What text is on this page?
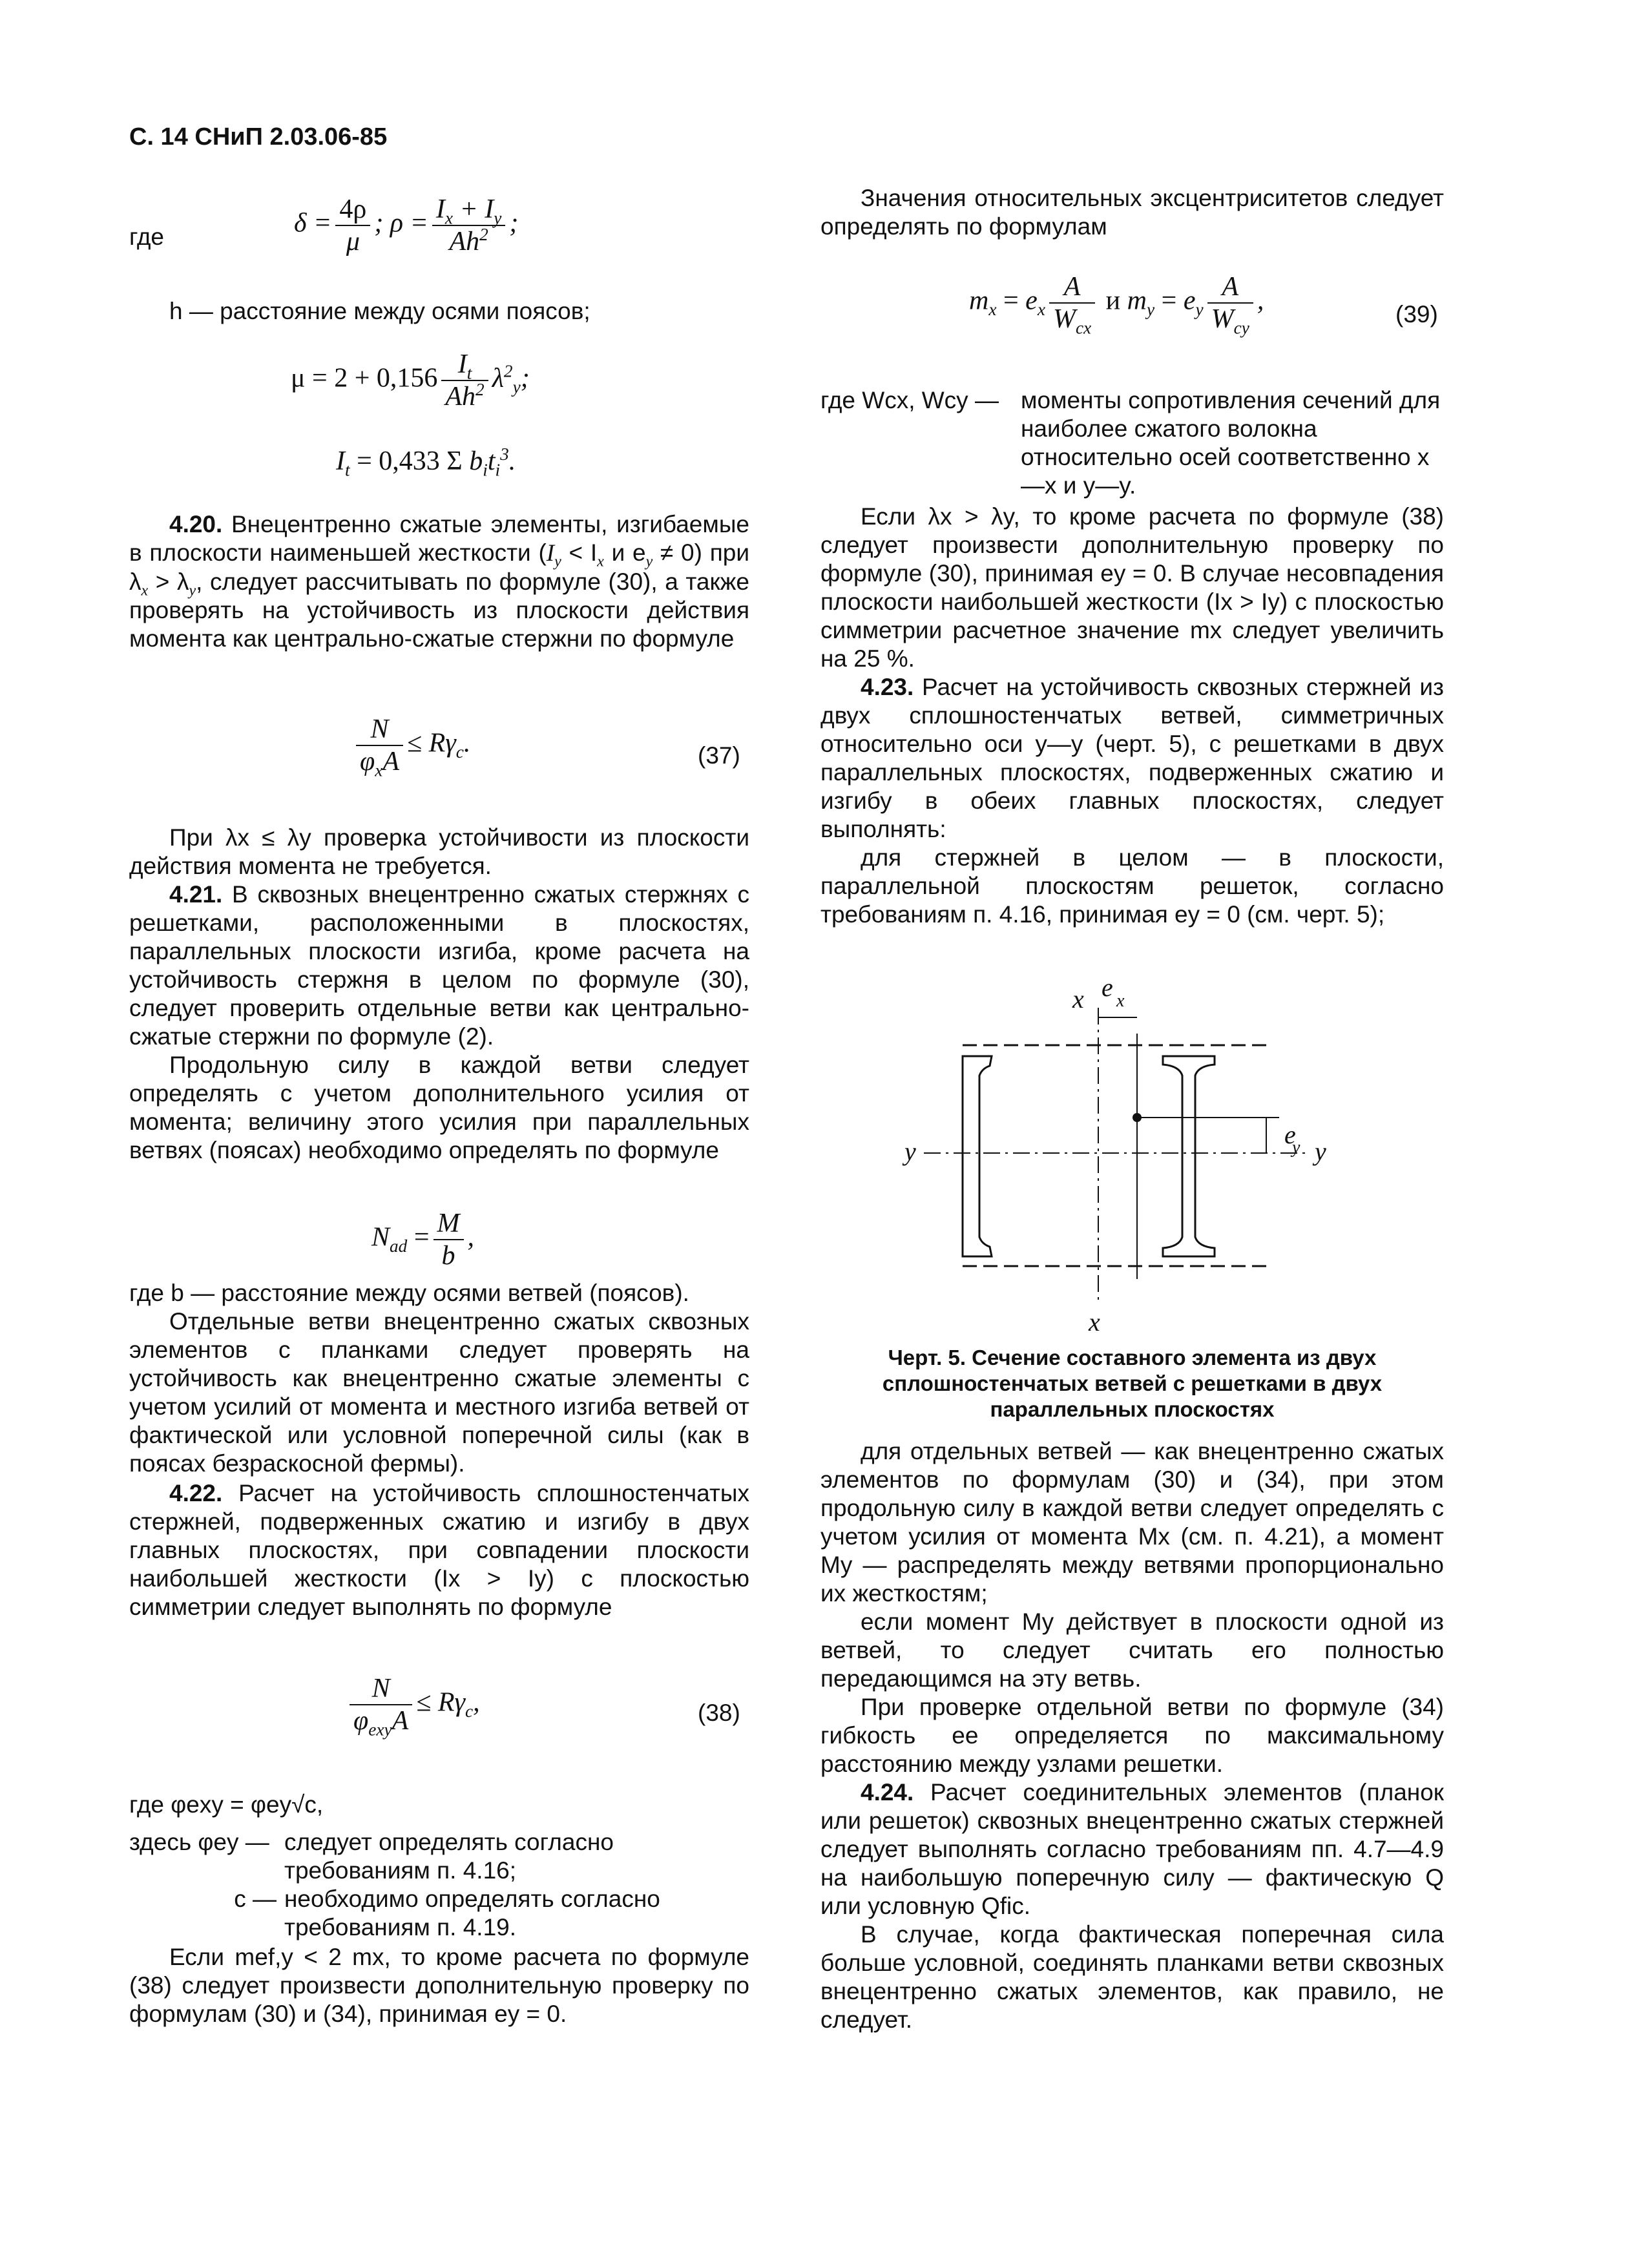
С. 14 СНиП 2.03.06-85
где	$\delta = \frac{4\rho}{\mu}$ ; $\rho = \frac{I_x + I_y}{Ah^2}$ ;
h — расстояние между осями поясов;
$\mu = 2 + 0,156 \frac{I_t}{Ah^2} \lambda^2_y$;
$I_t = 0,433$ Σ $b_it_i^3$.

4.20. Внецентренно сжатые элементы, изгибаемые в плоскости наименьшей жесткости ($I_y < I_x$ и $e_y \ne 0$) при $\lambda_x > \lambda_y$, следует рассчитывать по формуле (30), а также проверять на устойчивость из плоскости действия момента как центрально-сжатые стержни по формуле

$\frac{N}{\varphi_xA} \le R\gamma_c$.	(37)

При λx ≤ λy проверка устойчивости из плоскости действия момента не требуется.

4.21. В сквозных внецентренно сжатых стержнях с решетками, расположенными в плоскостях, параллельных плоскости изгиба, кроме расчета на устойчивость стержня в целом по формуле (30), следует проверить отдельные ветви как центрально-сжатые стержни по формуле (2).

Продольную силу в каждой ветви следует определять с учетом дополнительного усилия от момента; величину этого усилия при параллельных ветвях (поясах) необходимо определять по формуле

$N_{ad} = \frac{M}{b}$ ,

где b — расстояние между осями ветвей (поясов).

Отдельные ветви внецентренно сжатых сквозных элементов с планками следует проверять на устойчивость как внецентренно сжатые элементы с учетом усилий от момента и местного изгиба ветвей от фактической или условной поперечной силы (как в поясах безраскосной фермы).

4.22. Расчет на устойчивость сплошностенчатых стержней, подверженных сжатию и изгибу в двух главных плоскостях, при совпадении плоскости наибольшей жесткости (Ix > Iy) с плоскостью симметрии следует выполнять по формуле

$\frac{N}{\varphi_{exy}A} \le R\gamma_c$,	(38)
где φexy = φey√c,
здесь φey — следует определять согласно требованиям п. 4.16;
c — необходимо определять согласно требованиям п. 4.19.

Если mef,y < 2 mx, то кроме расчета по формуле (38) следует произвести дополнительную проверку по формулам (30) и (34), принимая ey = 0.

Значения относительных эксцентриситетов следует определять по формулам

$m_x = e_x \frac{A}{W_{cx}}$ и $m_y = e_y \frac{A}{W_{cy}}$ ,	(39)
где Wcx, Wcy — моменты сопротивления сечений для наиболее сжатого волокна относительно осей соответственно x—x и y—y.

Если λx > λy, то кроме расчета по формуле (38) следует произвести дополнительную проверку по формуле (30), принимая ey = 0. В случае несовпадения плоскости наибольшей жесткости (Ix > Iy) с плоскостью симметрии расчетное значение mx следует увеличить на 25 %.

4.23. Расчет на устойчивость сквозных стержней из двух сплошностенчатых ветвей, симметричных относительно оси y—y (черт. 5), с решетками в двух параллельных плоскостях, подверженных сжатию и изгибу в обеих главных плоскостях, следует выполнять:

для стержней в целом — в плоскости, параллельной плоскостям решеток, согласно требованиям п. 4.16, принимая ey = 0 (см. черт. 5);

x e x
y	y
e
y
x
Черт. 5. Сечение составного элемента из двух сплошностенчатых ветвей с решетками в двух параллельных плоскостях

для отдельных ветвей — как внецентренно сжатых элементов по формулам (30) и (34), при этом продольную силу в каждой ветви следует определять с учетом усилия от момента Mx (см. п. 4.21), а момент My — распределять между ветвями пропорционально их жесткостям;

если момент My действует в плоскости одной из ветвей, то следует считать его полностью передающимся на эту ветвь.

При проверке отдельной ветви по формуле (34) гибкость ее определяется по максимальному расстоянию между узлами решетки.

4.24. Расчет соединительных элементов (планок или решеток) сквозных внецентренно сжатых стержней следует выполнять согласно требованиям пп. 4.7—4.9 на наибольшую поперечную силу — фактическую Q или условную Qfic.

В случае, когда фактическая поперечная сила больше условной, соединять планками ветви сквозных внецентренно сжатых элементов, как правило, не следует.
